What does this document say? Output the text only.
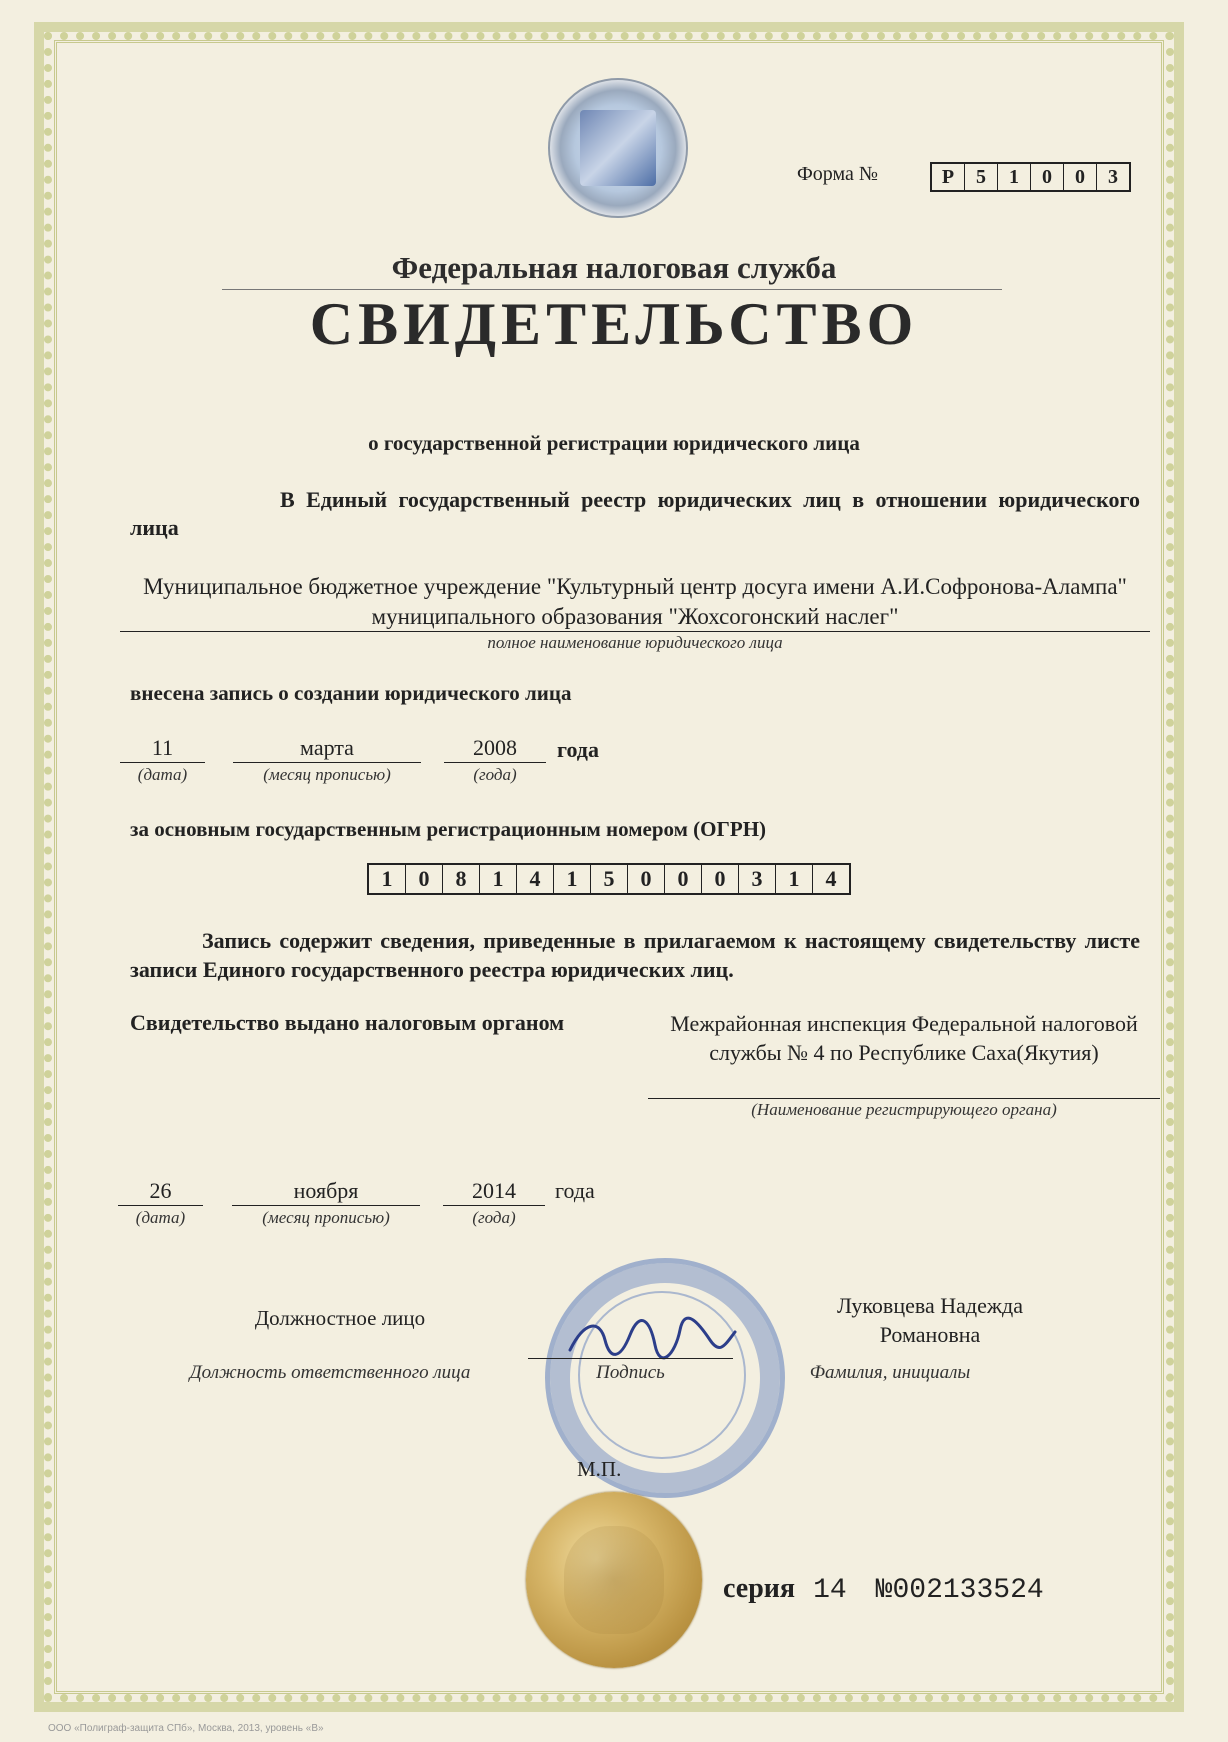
Форма №	Р	5	1	0	0	3
Федеральная налоговая служба
СВИДЕТЕЛЬСТВО
о государственной регистрации юридического лица
В Единый государственный реестр юридических лиц в отношении юридического лица
Муниципальное бюджетное учреждение "Культурный центр досуга имени А.И.Софронова-Алампа" муниципального образования "Жохсогонский наслег"
полное наименование юридического лица
внесена запись о создании юридического лица
11
(дата)
марта
(месяц прописью)
2008
(года)
года
за основным государственным регистрационным номером (ОГРН)
1	0	8	1	4	1	5	0	0	0	3	1	4
Запись содержит сведения, приведенные в прилагаемом к настоящему свидетельству листе записи Единого государственного реестра юридических лиц.
Свидетельство выдано налоговым органом	Межрайонная инспекция Федеральной налоговой службы № 4 по Республике Саха(Якутия)
(Наименование регистрирующего органа)
26
(дата)
ноября
(месяц прописью)
2014
(года)
года
Должностное лицо
Должность ответственного лица	Подпись
Луковцева Надежда Романовна
Фамилия, инициалы
М.П.
серия 14 №002133524
ООО «Полиграф-защита СПб», Москва, 2013, уровень «В»
